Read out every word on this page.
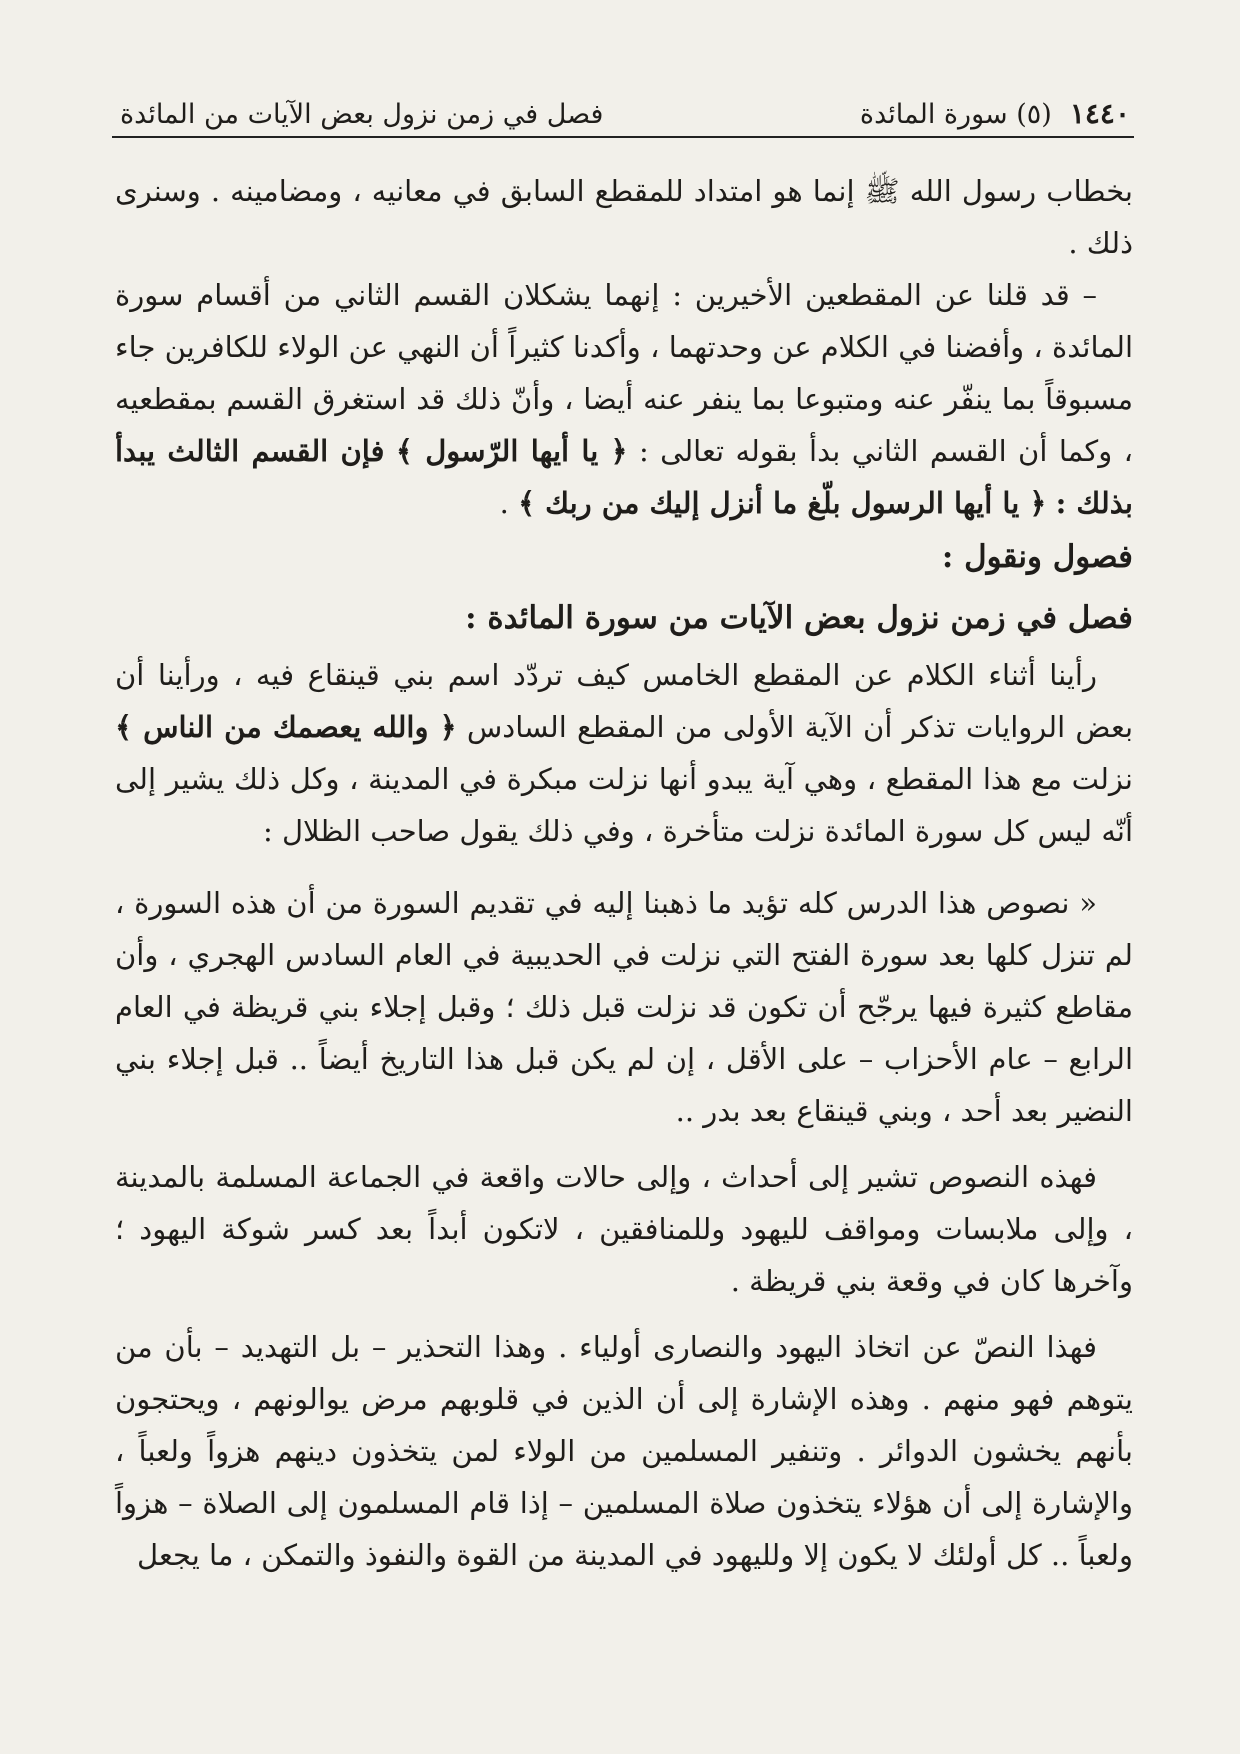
١٤٤٠
(٥) سورة المائدة
فصل في زمن نزول بعض الآيات من المائدة

بخطاب رسول الله ﷺ إنما هو امتداد للمقطع السابق في معانيه ، ومضامينه . وسنرى ذلك .

– قد قلنا عن المقطعين الأخيرين : إنهما يشكلان القسم الثاني من أقسام سورة المائدة ، وأفضنا في الكلام عن وحدتهما ، وأكدنا كثيراً أن النهي عن الولاء للكافرين جاء مسبوقاً بما ينفّر عنه ومتبوعا بما ينفر عنه أيضا ، وأنّ ذلك قد استغرق القسم بمقطعيه ، وكما أن القسم الثاني بدأ بقوله تعالى : ﴿ يا أيها الرّسول ﴾ فإن القسم الثالث يبدأ بذلك : ﴿ يا أيها الرسول بلّغ ما أنزل إليك من ربك ﴾ .

فصول ونقول :

فصل في زمن نزول بعض الآيات من سورة المائدة :

رأينا أثناء الكلام عن المقطع الخامس كيف تردّد اسم بني قينقاع فيه ، ورأينا أن بعض الروايات تذكر أن الآية الأولى من المقطع السادس ﴿ والله يعصمك من الناس ﴾ نزلت مع هذا المقطع ، وهي آية يبدو أنها نزلت مبكرة في المدينة ، وكل ذلك يشير إلى أنّه ليس كل سورة المائدة نزلت متأخرة ، وفي ذلك يقول صاحب الظلال :

« نصوص هذا الدرس كله تؤيد ما ذهبنا إليه في تقديم السورة من أن هذه السورة ، لم تنزل كلها بعد سورة الفتح التي نزلت في الحديبية في العام السادس الهجري ، وأن مقاطع كثيرة فيها يرجّح أن تكون قد نزلت قبل ذلك ؛ وقبل إجلاء بني قريظة في العام الرابع – عام الأحزاب – على الأقل ، إن لم يكن قبل هذا التاريخ أيضاً .. قبل إجلاء بني النضير بعد أحد ، وبني قينقاع بعد بدر ..

فهذه النصوص تشير إلى أحداث ، وإلى حالات واقعة في الجماعة المسلمة بالمدينة ، وإلى ملابسات ومواقف لليهود وللمنافقين ، لاتكون أبداً بعد كسر شوكة اليهود ؛ وآخرها كان في وقعة بني قريظة .

فهذا النصّ عن اتخاذ اليهود والنصارى أولياء . وهذا التحذير – بل التهديد – بأن من يتوهم فهو منهم . وهذه الإشارة إلى أن الذين في قلوبهم مرض يوالونهم ، ويحتجون بأنهم يخشون الدوائر . وتنفير المسلمين من الولاء لمن يتخذون دينهم هزواً ولعباً ، والإشارة إلى أن هؤلاء يتخذون صلاة المسلمين – إذا قام المسلمون إلى الصلاة – هزواً ولعباً .. كل أولئك لا يكون إلا ولليهود في المدينة من القوة والنفوذ والتمكن ، ما يجعل
